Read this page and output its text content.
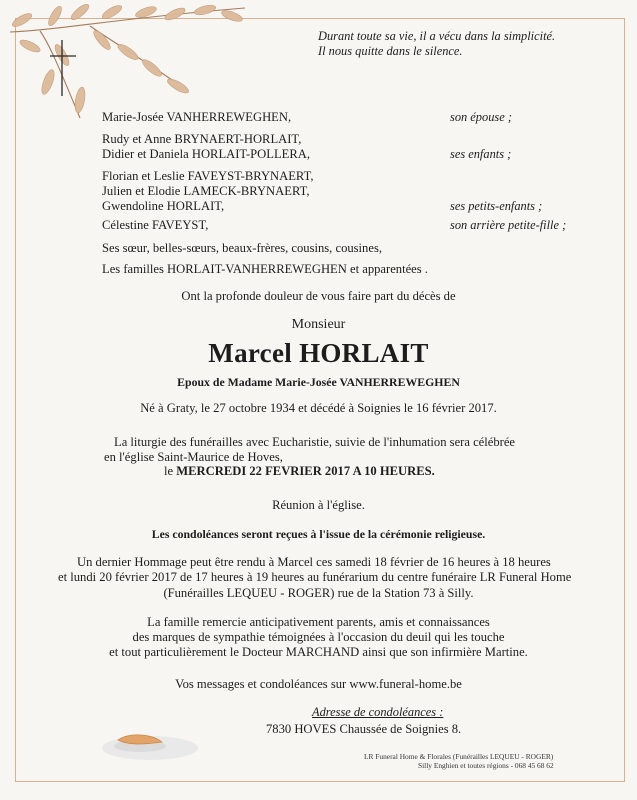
Durant toute sa vie, il a vécu dans la simplicité.
Il nous quitte dans le silence.
Marie-Josée VANHERREWEGHEN,	son épouse ;
Rudy et Anne BRYNAERT-HORLAIT,
Didier et Daniela HORLAIT-POLLERA,	ses enfants ;
Florian et Leslie FAVEYST-BRYNAERT,
Julien et Elodie LAMECK-BRYNAERT,
Gwendoline HORLAIT,	ses petits-enfants ;
Célestine FAVEYST,	son arrière petite-fille ;
Ses sœur, belles-sœurs, beaux-frères, cousins, cousines,
Les familles HORLAIT-VANHERREWEGHEN et apparentées .
Ont la profonde douleur de vous faire part du décès de
Monsieur
Marcel HORLAIT
Epoux de Madame Marie-Josée VANHERREWEGHEN
Né à Graty, le 27 octobre 1934 et décédé à Soignies le 16 février 2017.
La liturgie des funérailles avec Eucharistie, suivie de l'inhumation sera célébrée
en l'église Saint-Maurice de Hoves,
le MERCREDI 22 FEVRIER 2017 A 10 HEURES.
Réunion à l'église.
Les condoléances seront reçues à l'issue de la cérémonie religieuse.
Un dernier Hommage peut être rendu à Marcel ces samedi 18 février de 16 heures à 18 heures
et lundi 20 février 2017 de 17 heures à 19 heures au funérarium du centre funéraire LR Funeral Home
(Funérailles LEQUEU - ROGER) rue de la Station 73 à Silly.
La famille remercie anticipativement parents, amis et connaissances
des marques de sympathie témoignées à l'occasion du deuil qui les touche
et tout particulièrement le Docteur MARCHAND ainsi que son infirmière Martine.
Vos messages et condoléances sur www.funeral-home.be
Adresse de condoléances :
7830 HOVES Chaussée de Soignies 8.
LR Funeral Home & Florales (Funérailles LEQUEU - ROGER)
Silly Enghien et toutes régions - 068 45 68 62
